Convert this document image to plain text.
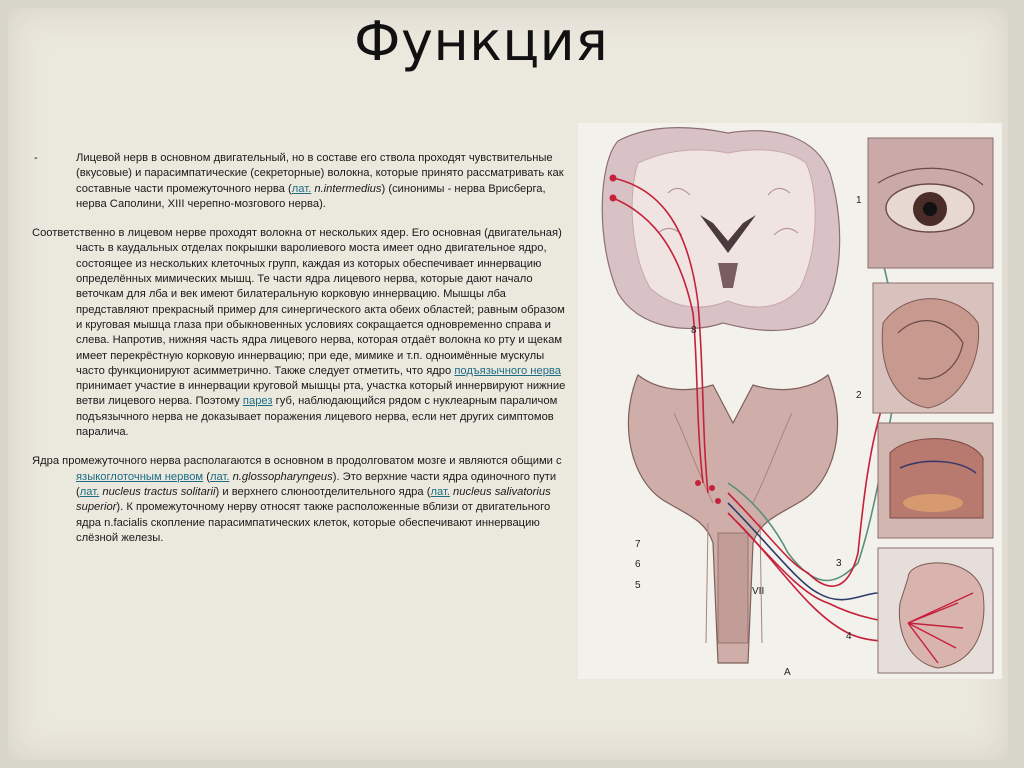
Функция

-	Лицевой нерв в основном двигательный, но в составе его ствола проходят чувствительные (вкусовые) и парасимпатические (секреторные) волокна, которые принято рассматривать как составные части промежуточного нерва (лат. n.intermedius) (синонимы - нерва Врисберга, нерва Саполини, XIII черепно-мозгового нерва).

Соответственно в лицевом нерве проходят волокна от нескольких ядер. Его основная (двигательная) часть в каудальных отделах покрышки варолиевого моста имеет одно двигательное ядро, состоящее из нескольких клеточных групп, каждая из которых обеспечивает иннервацию определённых мимических мышц. Те части ядра лицевого нерва, которые дают начало веточкам для лба и век имеют билатеральную корковую иннервацию. Мышцы лба представляют прекрасный пример для синергического акта обеих областей; равным образом и круговая мышца глаза при обыкновенных условиях сокращается одновременно справа и слева. Напротив, нижняя часть ядра лицевого нерва, которая отдаёт волокна ко рту и щекам имеет перекрёстную корковую иннервацию; при еде, мимике и т.п. одноимённые мускулы часто функционируют асимметрично. Также следует отметить, что ядро подъязычного нерва принимает участие в иннервации круговой мышцы рта, участка который иннервируют нижние ветви лицевого нерва. Поэтому парез губ, наблюдающийся рядом с нуклеарным параличом подъязычного нерва не доказывает поражения лицевого нерва, если нет других симптомов паралича.

Ядра промежуточного нерва располагаются в основном в продолговатом мозге и являются общими с языкоглоточным нервом (лат. n.glossopharyngeus). Это верхние части ядра одиночного пути (лат. nucleus tractus solitarii) и верхнего слюноотделительного ядра (лат. nucleus salivatorius superior). К промежуточному нерву относят также расположенные вблизи от двигательного ядра n.facialis скопление парасимпатических клеток, которые обеспечивают иннервацию слёзной железы.

1
2
3
4
5
6
7
8
VII
A
